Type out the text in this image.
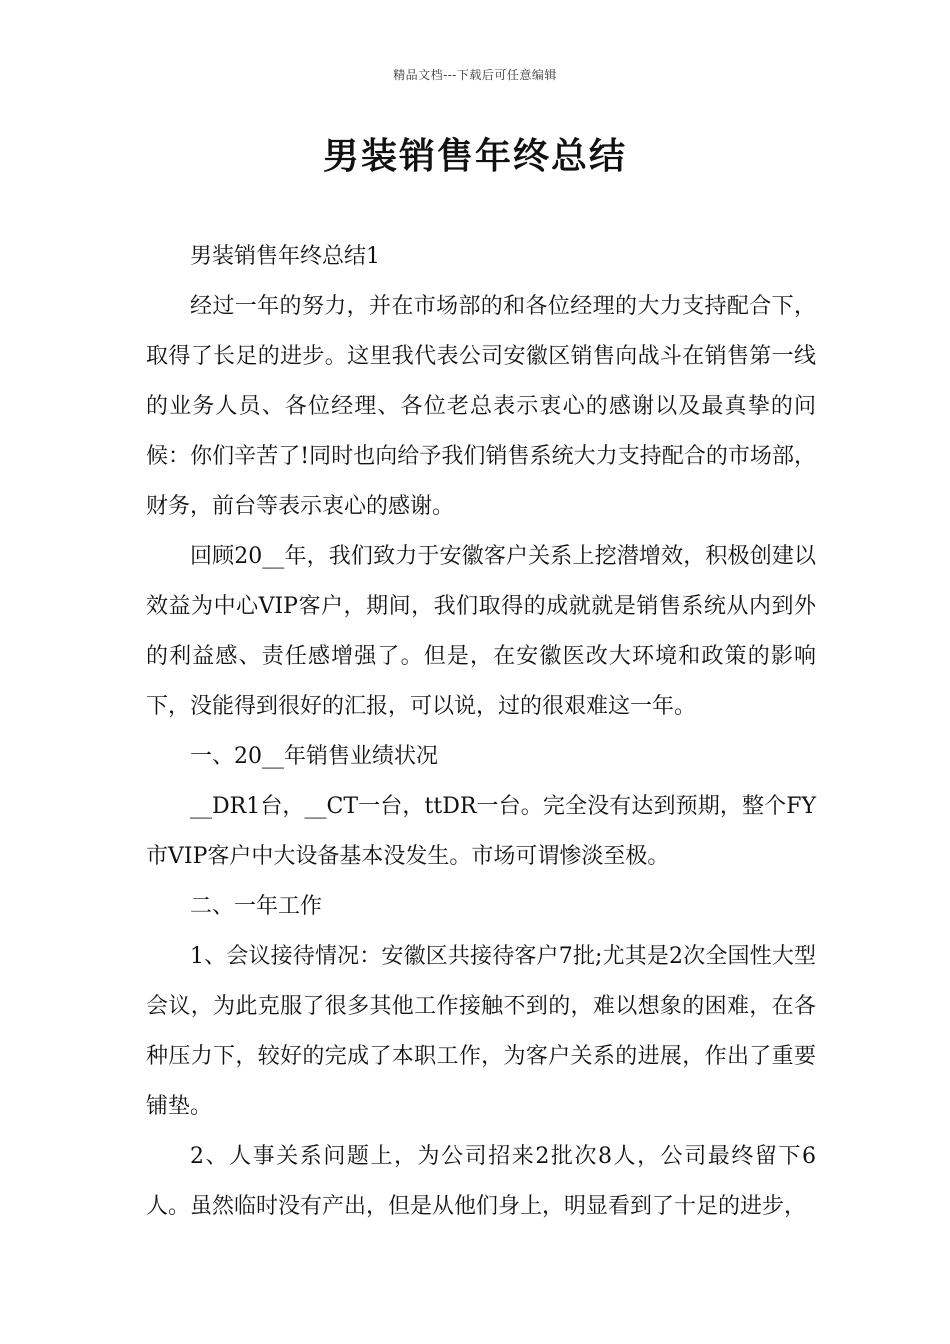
精品文档---下载后可任意编辑
男装销售年终总结

男装销售年终总结1

经过一年的努力，并在市场部的和各位经理的大力支持配合下，取得了长足的进步。这里我代表公司安徽区销售向战斗在销售第一线的业务人员、各位经理、各位老总表示衷心的感谢以及最真挚的问候：你们辛苦了!同时也向给予我们销售系统大力支持配合的市场部，财务，前台等表示衷心的感谢。

回顾20__年，我们致力于安徽客户关系上挖潜增效，积极创建以效益为中心VIP客户，期间，我们取得的成就就是销售系统从内到外的利益感、责任感增强了。但是，在安徽医改大环境和政策的影响下，没能得到很好的汇报，可以说，过的很艰难这一年。

一、20__年销售业绩状况

__DR1台，__CT一台，ttDR一台。完全没有达到预期，整个FY市VIP客户中大设备基本没发生。市场可谓惨淡至极。

二、一年工作

1、会议接待情况：安徽区共接待客户7批;尤其是2次全国性大型会议，为此克服了很多其他工作接触不到的，难以想象的困难，在各种压力下，较好的完成了本职工作，为客户关系的进展，作出了重要铺垫。

2、人事关系问题上，为公司招来2批次8人，公司最终留下6人。虽然临时没有产出，但是从他们身上，明显看到了十足的进步，
